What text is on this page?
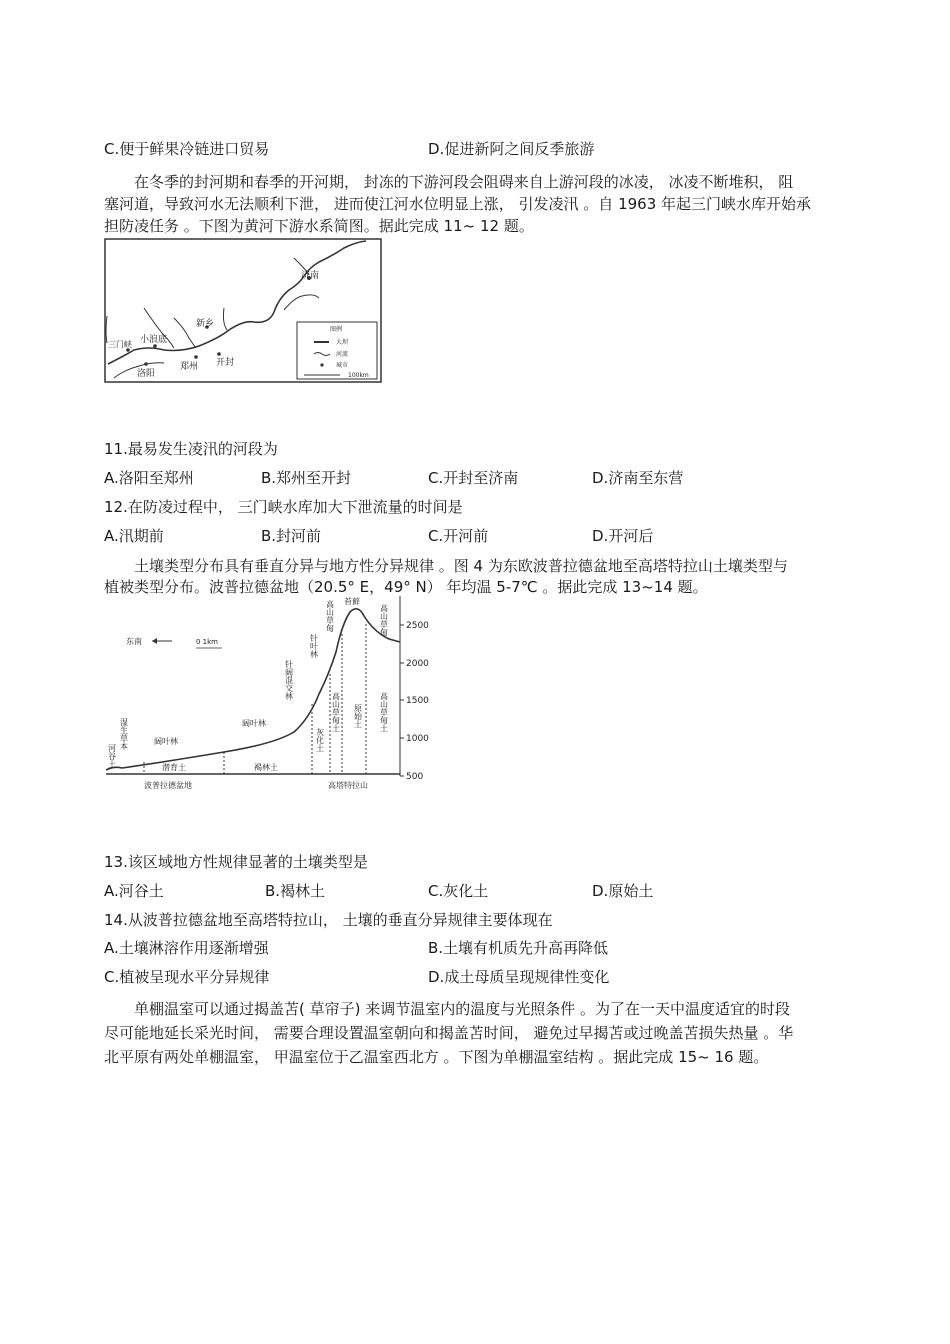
C.便于鲜果冷链进口贸易	D.促进新阿之间反季旅游
在冬季的封河期和春季的开河期， 封冻的下游河段会阻碍来自上游河段的冰凌， 冰凌不断堆积， 阻
塞河道，导致河水无法顺利下泄， 进而使江河水位明显上涨， 引发凌汛 。自 1963 年起三门峡水库开始承
担防凌任务 。下图为黄河下游水系简图。据此完成 11~ 12 题。
济南
新乡
小浪底
三门峡
洛阳
郑州 开封
图例
大坝
河流
城市
100km
11.最易发生凌汛的河段为
A.洛阳至郑州	B.郑州至开封	C.开封至济南	D.济南至东营
12.在防凌过程中， 三门峡水库加大下泄流量的时间是
A.汛期前	B.封河前	C.开河前	D.开河后
土壤类型分布具有垂直分异与地方性分异规律 。图 4 为东欧波普拉德盆地至高塔特拉山土壤类型与
植被类型分布。波普拉德盆地（20.5° E，49° N） 年均温 5-7℃ 。据此完成 13~14 题。
东南	0 1km
2500
2000
1500
1000
500
湿生草本	阔叶林
阔叶林
针阔混交林
针叶林
高山草甸 苔藓
高山草甸
河谷土	潜育土	褐林土
灰化土
高山草甸土 原始土 高山草甸土
波普拉德盆地	高塔特拉山
13.该区域地方性规律显著的土壤类型是
A.河谷土	B.褐林土	C.灰化土	D.原始土
14.从波普拉德盆地至高塔特拉山， 土壤的垂直分异规律主要体现在
A.土壤淋溶作用逐渐增强	B.土壤有机质先升高再降低
C.植被呈现水平分异规律	D.成土母质呈现规律性变化
单棚温室可以通过揭盖苫( 草帘子) 来调节温室内的温度与光照条件 。为了在一天中温度适宜的时段
尽可能地延长采光时间， 需要合理设置温室朝向和揭盖苫时间， 避免过早揭苫或过晚盖苫损失热量 。华
北平原有两处单棚温室， 甲温室位于乙温室西北方 。下图为单棚温室结构 。据此完成 15~ 16 题。
